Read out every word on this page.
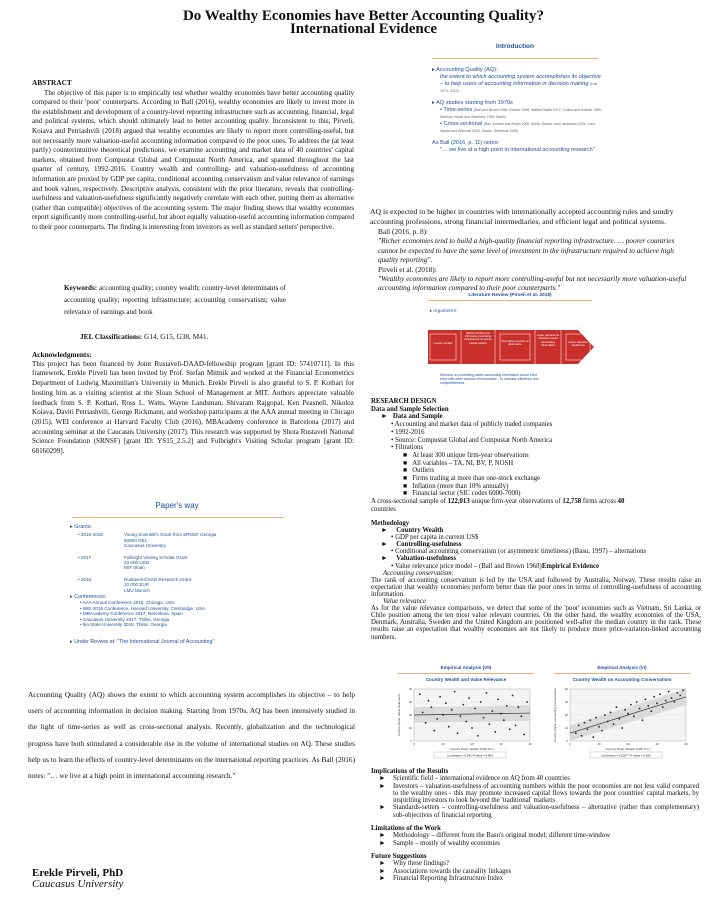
Do Wealthy Economies have Better Accounting Quality?

International Evidence
Introduction
▸ Accounting Quality (AQ):
the extent to which accounting system accomplishes its objective – to help users of accounting information in decision making (Holt 1976, 2010)
▸ AQ studies starting from 1970s
• Time-series (Ball and Brown 1968, Beaver 1968, Ballard Watts 1972, Collins and Kothari 1989, Dechow, Sloan and Sweeney 1995, Barth)
• Cross-sectional (Ball, Kothari and Robin 2000, Barth, Beaver and Landsman 2001, Leuz, Nanda and Wysocki 2003, Daske, Gebhardt 2008)
As Ball (2016, p. 11) notes:
"… we live at a high point in international accounting research"
ABSTRACT

The objective of this paper is to empirically test whether wealthy economies have better accounting quality compared to their 'poor' counterparts. According to Ball (2016), wealthy economies are likely to invest more in the establishment and development of a country-level reporting infrastructure such as accounting, financial, legal and political systems, which should ultimately lead to better accounting quality. Inconsistent to this, Pirveli, Koiava and Petriashvili (2018) argued that wealthy economies are likely to report more controlling-useful, but not necessarily more valuation-useful accounting information compared to the poor ones. To address the (at least partly) counterintuitive theoretical predictions, we examine accounting and market data of 40 countries' capital markets, obtained from Compustat Global and Compustat North America, and spanned throughout the last quarter of century, 1992-2016. Country wealth and controlling- and valuation-usefulness of accounting information are proxied by GDP per capita, conditional accounting conservatism and value relevance of earnings and book values, respectively. Descriptive analysis, consistent with the prior literature, reveals that controlling-usefulness and valuation-usefulness significantly negatively correlate with each other, putting them as alternative (rather than compatible) objectives of the accounting system. The major finding shows that wealthy economies report significantly more controlling-useful, but about equally valuation-useful accounting information compared to their poor counterparts. The finding is interesting from investors as well as standard setters' perspective.

Keywords: accounting quality; country wealth; country-level determinants of accounting quality; reporting infrastructure; accounting conservatism; value relevance of earnings and book
JEL Classifications: G14, G15, G38, M41.
Acknowledgments:

This project has been financed by Joint Rustaveli-DAAD-fellowship program [grant ID: 57410711]. In this framework, Erekle Pirveli has been invited by Prof. Stefan Mittnik and worked at the Financial Econometrics Department of Ludwig Maximilian's University in Munich. Erekle Pirveli is also grateful to S. P. Kothari for hosting him as a visiting scientist at the Sloan School of Management at MIT. Authors appreciate valuable feedback from S. P. Kothari, Ross L. Watts, Wayne Landsman, Shivaram Rajgopal, Ken Peasnell, Nikoloz Koiava, Daviti Petriashvili, George Rickmann, and workshop participants at the AAA annual meeting in Chicago (2015), WEI conference at Harvard Faculty Club (2016), MBAcademy conference in Barcelona (2017) and accounting seminar at the Caucasus University (2017). This research was supported by Shota Rustaveli National Science Foundation (SRNSF) [grant ID: YS15_2.5.2] and Fulbright's Visiting Scholar program [grant ID: 68160299].

Paper's way
▸ Grants:
• 2016-2018	Young Scientist's Grant from SRNSF Georgia
50800 GEL
Caucasus University
• 2017	Fulbright Visiting Scholar Grant
23 000 USD
MIT Sloan
• 2018	Rustaveli-DAAD Research Grant
10 000 EUR
LMU Munich
▸ Conferences:
• AAA Annual Conference 2015, Chicago, USA
• WEI 2016 Conference, Harvard University, Cambridge, USA
• MBAcademy Conference 2017, Barcelona, Spain
• Caucasus University 2017, Tbilisi, Georgia
• Ilia State University 2018, Tbilisi, Georgia
▸ Under Review at: "The International Journal of Accounting"
Accounting Quality (AQ) shows the extent to which accounting system accomplishes its objective – to help users of accounting information in decision making. Starting from 1970s, AQ has been intensively studied in the light of time-series as well as cross-sectional analysis. Recently, globalization and the technological progress have both stimulated a considerable rise in the volume of international studies on AQ. These studies help us to learn the effects of country-level determinants on the international reporting practices. As Ball (2016) notes: "… we live at a high point in international accounting research."
Erekle Pirveli, PhD
Caucasus University

AQ is expected to be higher in countries with internationally accepted accounting rules and sundry accounting professions, strong financial intermediaries, and efficient legal and political systems.

Ball (2016, p. 8):

"Richer economies tend to build a high-quality financial reporting infrastructure. … poorer countries cannot be expected to have the same level of investment in the infrastructure required to achieve high quality reporting".

Pirveli et al. (2018):

"Wealthy economies are likely to report more controlling-useful but not necessarily more valuation-useful accounting information compared to their poor counterparts."

Literature Review (Pirveli et al. 2018)
▸ Argument II
Country wealth
Efficient funding and information processing infrastructure via private capital markets
Alternative sources of information
Lower demand on valuation useful accounting information
Lower valuation usefulness
Demand on controlling useful accounting information would exist even with other sources of information - to increase efficiency and competitiveness
RESEARCH DESIGN
Data and Sample Selection
►   Data and Sample
• Accounting and market data of publicly traded companies
• 1992-2016
• Source: Compustat Global and Compustat North America
• Filtrations
■   At least 300 unique firm-year observations
■   All variables – TA, NI, BV, P, NOSH
■   Outliers
■   Firms trading at more than one-stock exchange
■   Inflation (more than 10% annually)
■   Financial sector (SIC codes 6000-7000)
A cross-sectional sample of 122,013 unique firm-year observations of 12,758 firms across 40
countries
Methodology
►     Country Wealth
• GDP per capita in current US$
►     Controlling-usefulness
• Conditional accounting conservatism (or asymmetric timeliness) (Basu, 1997) – alternations
►     Valuation-usefulness
• Value relevance price model – (Ball and Brown 1968)Empirical Evidence
Accounting conservatism:
The rank of accounting conservatism is led by the USA and followed by Australia, Norway. These results raise an expectation that wealthy economies perform better than the poor ones in terms of controlling-usefulness of accounting information.
Value relevance
As for the value relevance comparisons, we detect that some of the 'poor' economies such as Vietnam, Sri Lanka, or Chile position among the ten most value relevant countries. On the other hand, the wealthy economies of the USA, Denmark, Australia, Sweden and the United Kingdom are positioned well-after the median country in the rank. These results raise an expectation that wealthy economies are not likely to produce more price-variation-linked accounting numbers.
Empirical Analysis (VII)
Country Wealth and Value Relevance
0
0
10
10
20
20
30
30
40
40
Country Rank: Wealth (GDP P.C.)
Country Rank: Value Relevance
Correlation = 0.041 P-value = 0.804
Empirical Analysis (VI)
Country Wealth on Accounting Conservatism
0
0
10
10
20
20
30
30
40
40
Country Rank: Wealth (GDP P.C.)
Country Rank: Accounting Conservatism
Correlation = 0.625*** P-value = 0.000
Implications of the Results
►	Scientific field – international evidence on AQ from 40 countries
►	Investors – valuation-usefulness of accounting numbers within the poor economies are not less valid compared to the wealthy ones - this may promote increased capital flows towards the poor countries' capital markets, by inspiriting investors to look beyond the 'traditional' markets
►	Standards-setters – controlling-usefulness and valuation-usefulness – alternative (rather than complementary) sub-objectives of financial reporting
Limitations of the Work
►	Methodology – different from the Basu's original model; different time-window
►	Sample – mostly of wealthy economies
Future Suggestions
►	Why these findings?
►	Associations towards the causality linkages
►	Financial Reporting Infrastructure Index
